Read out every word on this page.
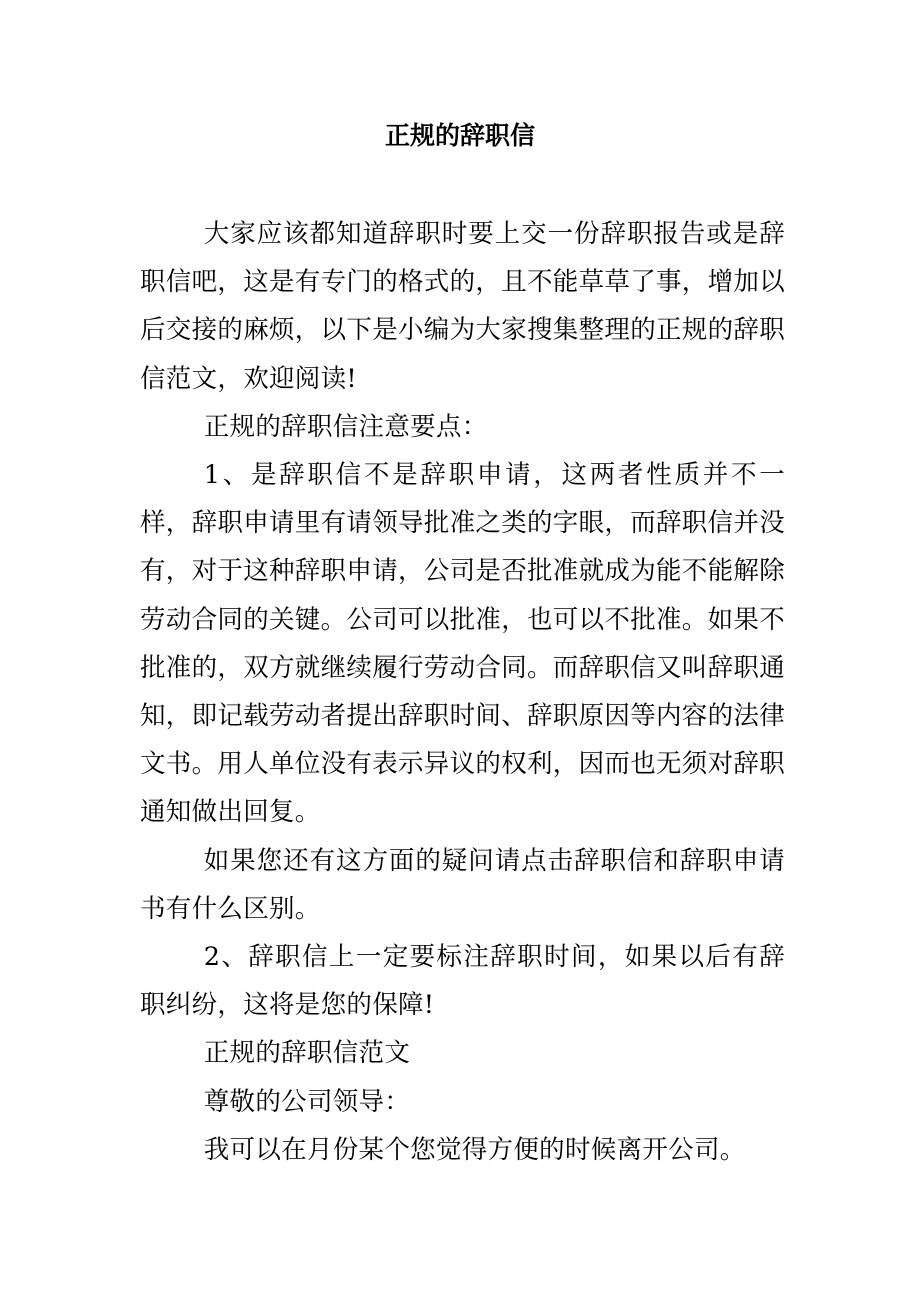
正规的辞职信

大家应该都知道辞职时要上交一份辞职报告或是辞职信吧，这是有专门的格式的，且不能草草了事，增加以后交接的麻烦，以下是小编为大家搜集整理的正规的辞职信范文，欢迎阅读!

正规的辞职信注意要点：

1、是辞职信不是辞职申请，这两者性质并不一样，辞职申请里有请领导批准之类的字眼，而辞职信并没有，对于这种辞职申请，公司是否批准就成为能不能解除劳动合同的关键。公司可以批准，也可以不批准。如果不批准的，双方就继续履行劳动合同。而辞职信又叫辞职通知，即记载劳动者提出辞职时间、辞职原因等内容的法律文书。用人单位没有表示异议的权利，因而也无须对辞职通知做出回复。

如果您还有这方面的疑问请点击辞职信和辞职申请书有什么区别。

2、辞职信上一定要标注辞职时间，如果以后有辞职纠纷，这将是您的保障!

正规的辞职信范文

尊敬的公司领导：

我可以在月份某个您觉得方便的时候离开公司。
